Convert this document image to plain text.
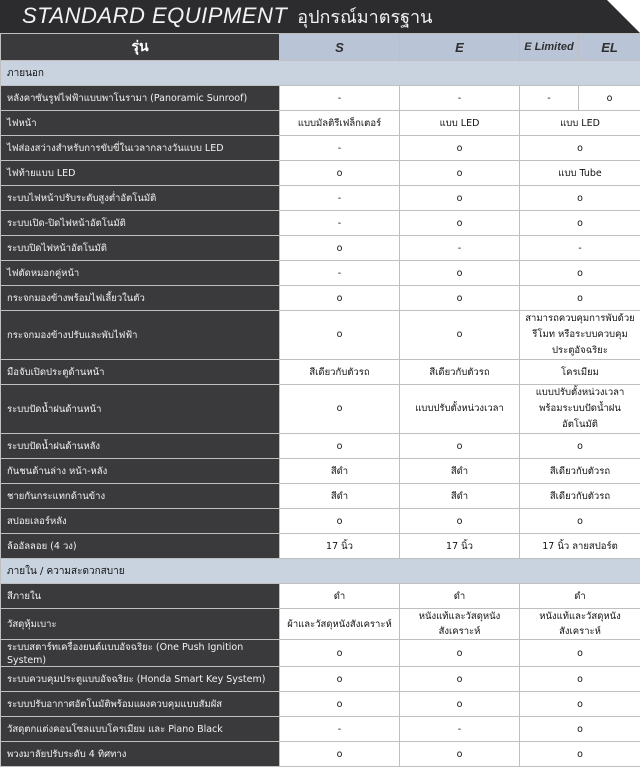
STANDARD EQUIPMENT อุปกรณ์มาตรฐาน
รุ่น	S	E	E Limited	EL
ภายนอก				
หลังคาซันรูฟไฟฟ้าแบบพาโนรามา (Panoramic Sunroof)	-	-	-	o
ไฟหน้า	แบบมัลติรีเฟล็กเตอร์	แบบ LED	แบบ LED	
ไฟส่องสว่างสำหรับการขับขี่ในเวลากลางวันแบบ LED	-	o	o	
ไฟท้ายแบบ LED	o	o	แบบ Tube	
ระบบไฟหน้าปรับระดับสูงต่ำอัตโนมัติ	-	o	o	
ระบบเปิด-ปิดไฟหน้าอัตโนมัติ	-	o	o	
ระบบปิดไฟหน้าอัตโนมัติ	o	-	-	
ไฟตัดหมอกคู่หน้า	-	o	o	
กระจกมองข้างพร้อมไฟเลี้ยวในตัว	o	o	o	
กระจกมองข้างปรับและพับไฟฟ้า	o	o	สามารถควบคุมการพับด้วยรีโมท หรือระบบควบคุมประตูอัจฉริยะ	
มือจับเปิดประตูด้านหน้า	สีเดียวกับตัวรถ	สีเดียวกับตัวรถ	โครเมียม	
ระบบปัดน้ำฝนด้านหน้า	o	แบบปรับตั้งหน่วงเวลา	แบบปรับตั้งหน่วงเวลา พร้อมระบบปัดน้ำฝนอัตโนมัติ	
ระบบปัดน้ำฝนด้านหลัง	o	o	o	
กันชนด้านล่าง หน้า-หลัง	สีดำ	สีดำ	สีเดียวกับตัวรถ	
ชายกันกระแทกด้านข้าง	สีดำ	สีดำ	สีเดียวกับตัวรถ	
สปอยเลอร์หลัง	o	o	o	
ล้ออัลลอย (4 วง)	17 นิ้ว	17 นิ้ว	17 นิ้ว ลายสปอร์ต	
ภายใน / ความสะดวกสบาย				
สีภายใน	ดำ	ดำ	ดำ	
วัสดุหุ้มเบาะ	ผ้าและวัสดุหนังสังเคราะห์	หนังแท้และวัสดุหนังสังเคราะห์	หนังแท้และวัสดุหนังสังเคราะห์	
ระบบสตาร์ทเครื่องยนต์แบบอัจฉริยะ (One Push Ignition System)	o	o	o	
ระบบควบคุมประตูแบบอัจฉริยะ (Honda Smart Key System)	o	o	o	
ระบบปรับอากาศอัตโนมัติพร้อมแผงควบคุมแบบสัมผัส	o	o	o	
วัสดุตกแต่งคอนโซลแบบโครเมียม และ Piano Black	-	-	o	
พวงมาลัยปรับระดับ 4 ทิศทาง	o	o	o	
